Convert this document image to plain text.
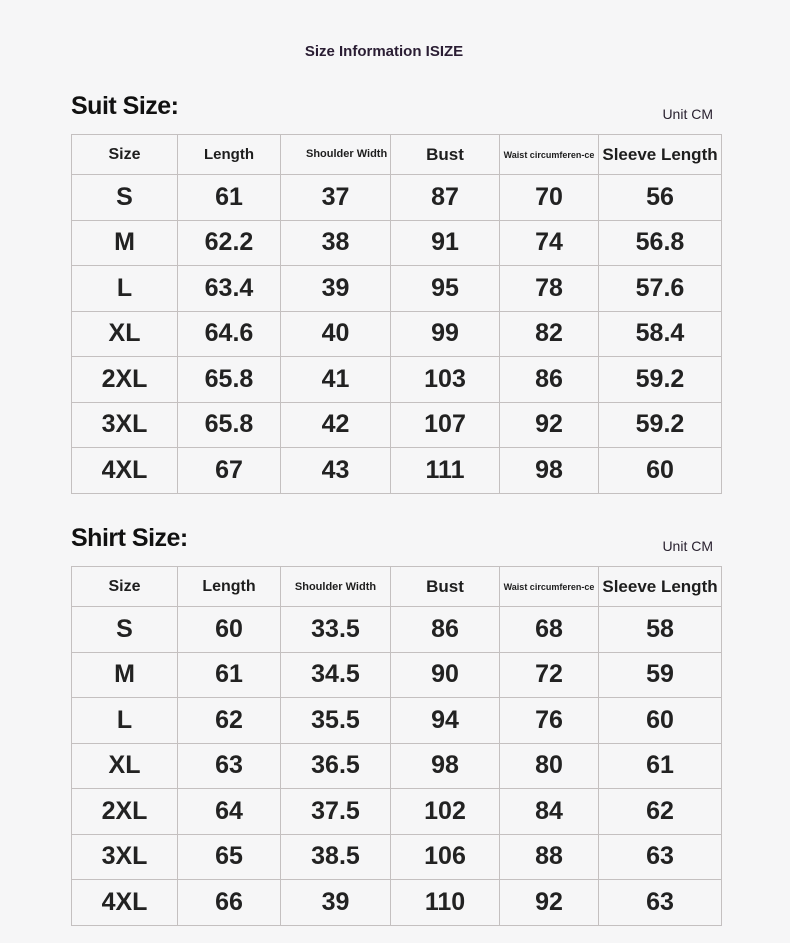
Size Information ISIZE
Suit Size:	Unit CM
Size	Length	Shoulder Width	Bust	Waist circumferen-ce	Sleeve Length
S	61	37	87	70	56
M	62.2	38	91	74	56.8
L	63.4	39	95	78	57.6
XL	64.6	40	99	82	58.4
2XL	65.8	41	103	86	59.2
3XL	65.8	42	107	92	59.2
4XL	67	43	111	98	60
Shirt Size:	Unit CM
Size	Length	Shoulder Width	Bust	Waist circumferen-ce	Sleeve Length
S	60	33.5	86	68	58
M	61	34.5	90	72	59
L	62	35.5	94	76	60
XL	63	36.5	98	80	61
2XL	64	37.5	102	84	62
3XL	65	38.5	106	88	63
4XL	66	39	110	92	63
